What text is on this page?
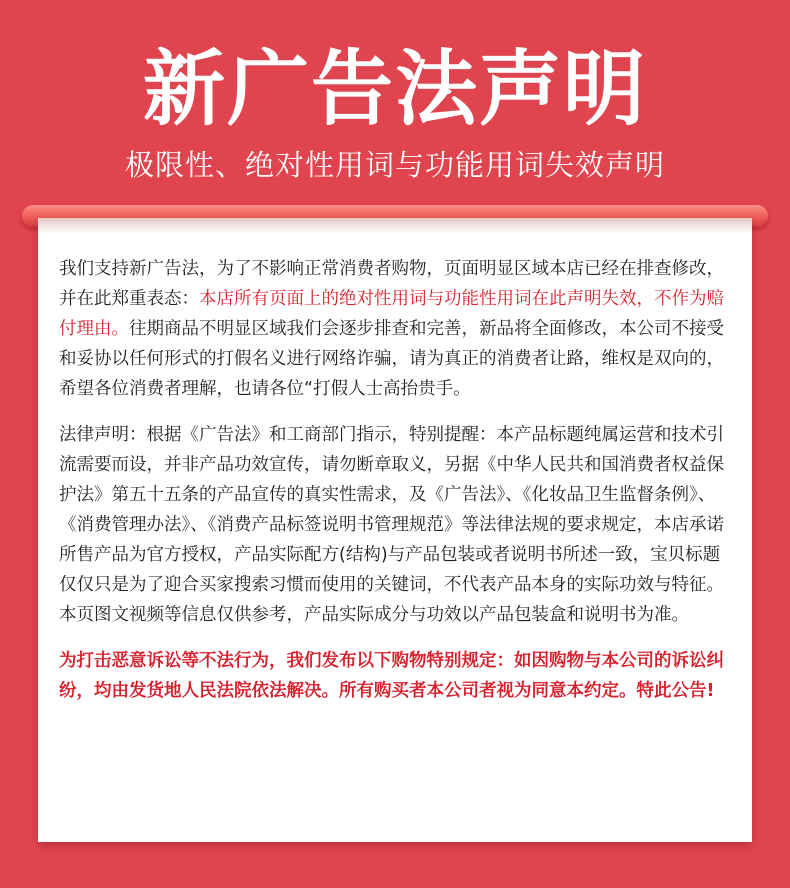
新广告法声明
极限性、绝对性用词与功能用词失效声明

我们支持新广告法，为了不影响正常消费者购物，页面明显区域本店已经在排查修改，并在此郑重表态：本店所有页面上的绝对性用词与功能性用词在此声明失效，不作为赔付理由。往期商品不明显区域我们会逐步排查和完善，新品将全面修改，本公司不接受和妥协以任何形式的打假名义进行网络诈骗，请为真正的消费者让路，维权是双向的，希望各位消费者理解，也请各位“打假人士高抬贵手。

法律声明：根据《广告法》和工商部门指示，特别提醒：本产品标题纯属运营和技术引流需要而设，并非产品功效宣传，请勿断章取义，另据《中华人民共和国消费者权益保护法》第五十五条的产品宣传的真实性需求，及《广告法》、《化妆品卫生监督条例》、《消费管理办法》、《消费产品标签说明书管理规范》等法律法规的要求规定，本店承诺所售产品为官方授权，产品实际配方(结构)与产品包装或者说明书所述一致，宝贝标题仅仅只是为了迎合买家搜索习惯而使用的关键词，不代表产品本身的实际功效与特征。本页图文视频等信息仅供参考，产品实际成分与功效以产品包装盒和说明书为准。

为打击恶意诉讼等不法行为，我们发布以下购物特别规定：如因购物与本公司的诉讼纠纷，均由发货地人民法院依法解决。所有购买者本公司者视为同意本约定。特此公告!
